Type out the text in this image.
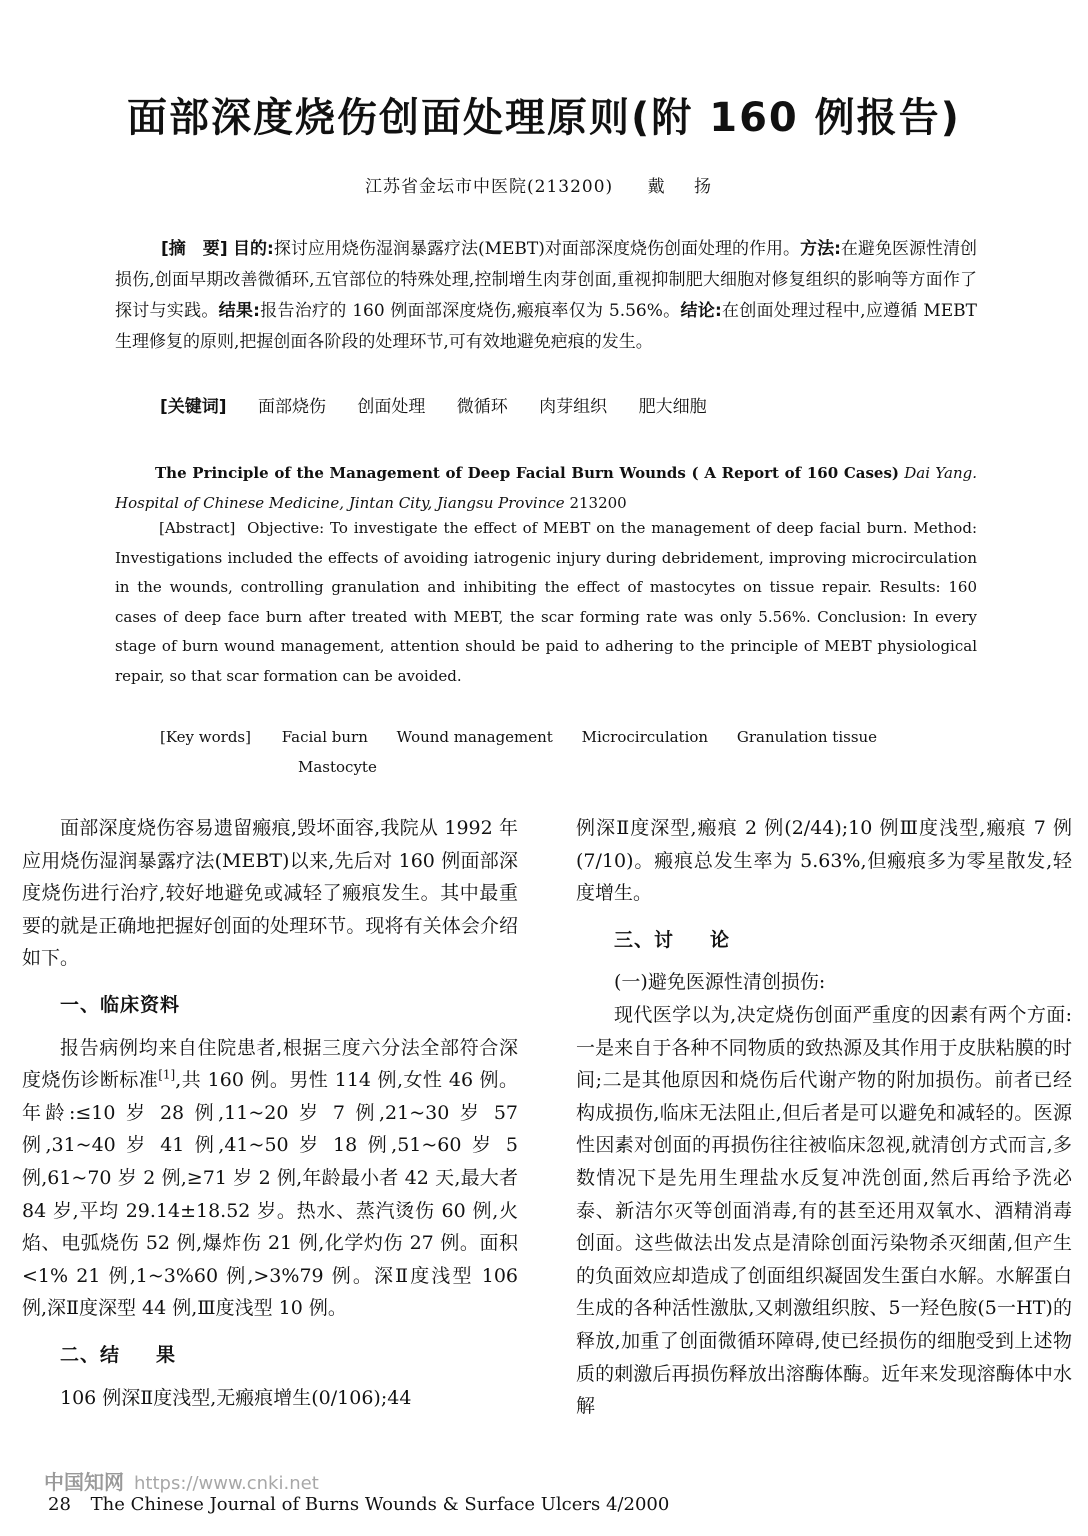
面部深度烧伤创面处理原则(附 160 例报告)
江苏省金坛市中医院(213200) 戴 扬

[摘　要] 目的:探讨应用烧伤湿润暴露疗法(MEBT)对面部深度烧伤创面处理的作用。方法:在避免医源性清创损伤,创面早期改善微循环,五官部位的特殊处理,控制增生肉芽创面,重视抑制肥大细胞对修复组织的影响等方面作了探讨与实践。结果:报告治疗的 160 例面部深度烧伤,瘢痕率仅为 5.56%。结论:在创面处理过程中,应遵循 MEBT 生理修复的原则,把握创面各阶段的处理环节,可有效地避免疤痕的发生。

[关键词] 面部烧伤 创面处理 微循环 肉芽组织 肥大细胞

The Principle of the Management of Deep Facial Burn Wounds ( A Report of 160 Cases) Dai Yang. Hospital of Chinese Medicine, Jintan City, Jiangsu Province 213200

[Abstract] Objective: To investigate the effect of MEBT on the management of deep facial burn. Method: Investigations included the effects of avoiding iatrogenic injury during debridement, improving microcirculation in the wounds, controlling granulation and inhibiting the effect of mastocytes on tissue repair. Results: 160 cases of deep face burn after treated with MEBT, the scar forming rate was only 5.56%. Conclusion: In every stage of burn wound management, attention should be paid to adhering to the principle of MEBT physiological repair, so that scar formation can be avoided.

[Key words] Facial burn Wound management Microcirculation Granulation tissue
Mastocyte

面部深度烧伤容易遗留瘢痕,毁坏面容,我院从 1992 年应用烧伤湿润暴露疗法(MEBT)以来,先后对 160 例面部深度烧伤进行治疗,较好地避免或减轻了瘢痕发生。其中最重要的就是正确地把握好创面的处理环节。现将有关体会介绍如下。

一、临床资料

报告病例均来自住院患者,根据三度六分法全部符合深度烧伤诊断标准[1],共 160 例。男性 114 例,女性 46 例。年龄:≤10 岁 28 例,11~20 岁 7 例,21~30 岁 57 例,31~40 岁 41 例,41~50 岁 18 例,51~60 岁 5 例,61~70 岁 2 例,≥71 岁 2 例,年龄最小者 42 天,最大者 84 岁,平均 29.14±18.52 岁。热水、蒸汽烫伤 60 例,火焰、电弧烧伤 52 例,爆炸伤 21 例,化学灼伤 27 例。面积<1% 21 例,1~3%60 例,>3%79 例。深Ⅱ度浅型 106 例,深Ⅱ度深型 44 例,Ⅲ度浅型 10 例。

二、结 果

106 例深Ⅱ度浅型,无瘢痕增生(0/106);44

例深Ⅱ度深型,瘢痕 2 例(2/44);10 例Ⅲ度浅型,瘢痕 7 例(7/10)。瘢痕总发生率为 5.63%,但瘢痕多为零星散发,轻度增生。

三、讨 论
(一)避免医源性清创损伤:

现代医学以为,决定烧伤创面严重度的因素有两个方面:一是来自于各种不同物质的致热源及其作用于皮肤粘膜的时间;二是其他原因和烧伤后代谢产物的附加损伤。前者已经构成损伤,临床无法阻止,但后者是可以避免和减轻的。医源性因素对创面的再损伤往往被临床忽视,就清创方式而言,多数情况下是先用生理盐水反复冲洗创面,然后再给予洗必泰、新洁尔灭等创面消毒,有的甚至还用双氧水、酒精消毒创面。这些做法出发点是清除创面污染物杀灭细菌,但产生的负面效应却造成了创面组织凝固发生蛋白水解。水解蛋白生成的各种活性激肽,又刺激组织胺、5一羟色胺(5一HT)的释放,加重了创面微循环障碍,使已经损伤的细胞受到上述物质的刺激后再损伤释放出溶酶体酶。近年来发现溶酶体中水解

中国知网 https://www.cnki.net
28 The Chinese Journal of Burns Wounds & Surface Ulcers 4/2000
